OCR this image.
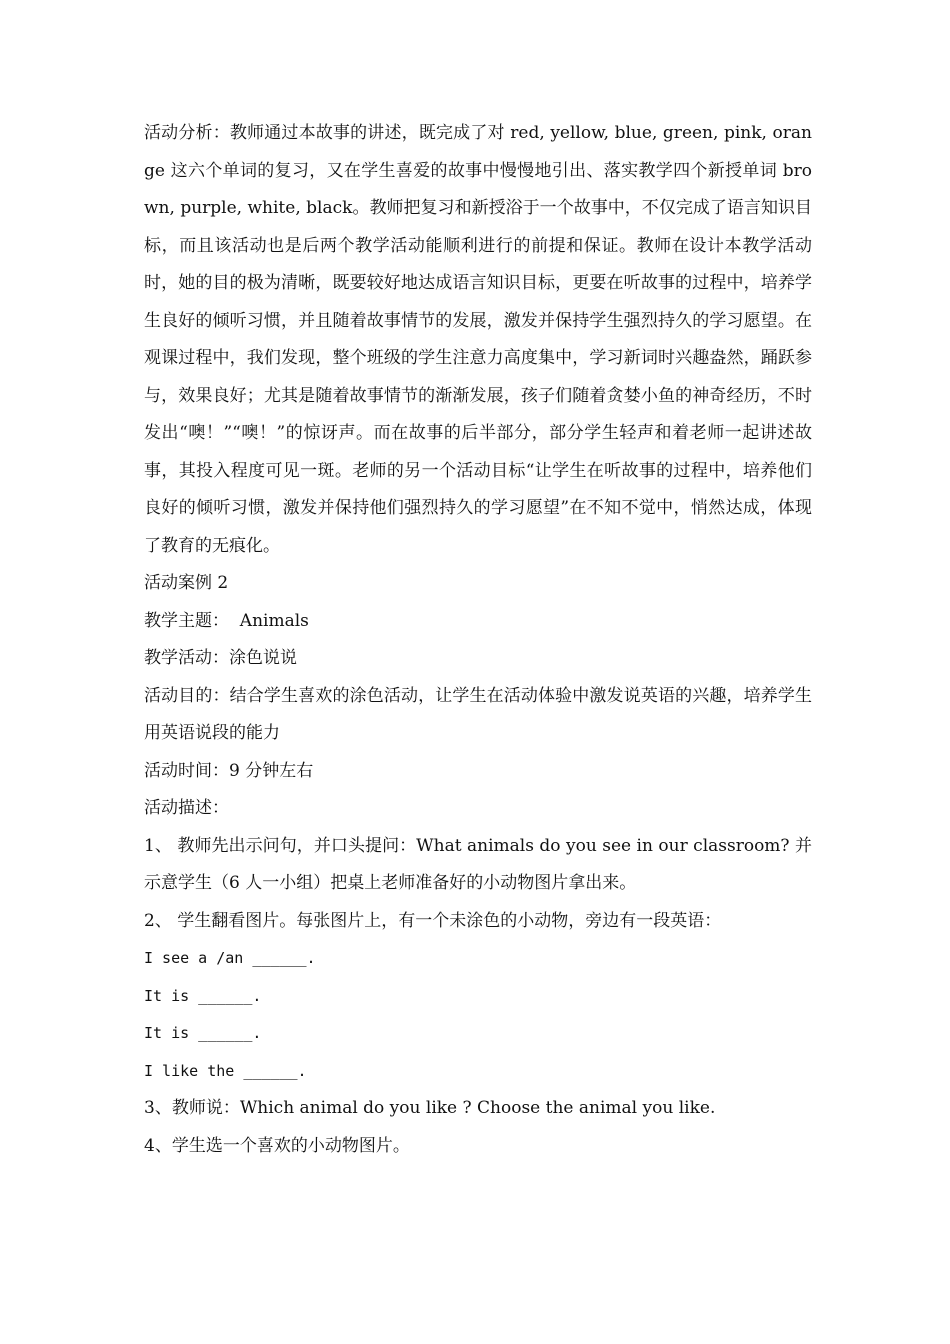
活动分析：教师通过本故事的讲述，既完成了对 red, yellow, blue, green, pink, orange 这六个单词的复习，又在学生喜爱的故事中慢慢地引出、落实教学四个新授单词 brown, purple, white, black。教师把复习和新授浴于一个故事中，不仅完成了语言知识目标，而且该活动也是后两个教学活动能顺利进行的前提和保证。教师在设计本教学活动时，她的目的极为清晰，既要较好地达成语言知识目标，更要在听故事的过程中，培养学生良好的倾听习惯，并且随着故事情节的发展，激发并保持学生强烈持久的学习愿望。在观课过程中，我们发现，整个班级的学生注意力高度集中，学习新词时兴趣盎然，踊跃参与，效果良好；尤其是随着故事情节的渐渐发展，孩子们随着贪婪小鱼的神奇经历，不时发出“噢！”“噢！”的惊讶声。而在故事的后半部分，部分学生轻声和着老师一起讲述故事，其投入程度可见一斑。老师的另一个活动目标“让学生在听故事的过程中，培养他们良好的倾听习惯，激发并保持他们强烈持久的学习愿望”在不知不觉中，悄然达成，体现了教育的无痕化。

活动案例 2

教学主题：  Animals

教学活动：涂色说说

活动目的：结合学生喜欢的涂色活动，让学生在活动体验中激发说英语的兴趣，培养学生用英语说段的能力

活动时间：9 分钟左右

活动描述：

1、 教师先出示问句，并口头提问：What animals do you see in our classroom? 并示意学生（6 人一小组）把桌上老师准备好的小动物图片拿出来。

2、 学生翻看图片。每张图片上，有一个未涂色的小动物，旁边有一段英语：

I see a /an ______.

It is ______.

It is ______.

I like the ______.

3、教师说：Which animal do you like ? Choose the animal you like.

4、学生选一个喜欢的小动物图片。
